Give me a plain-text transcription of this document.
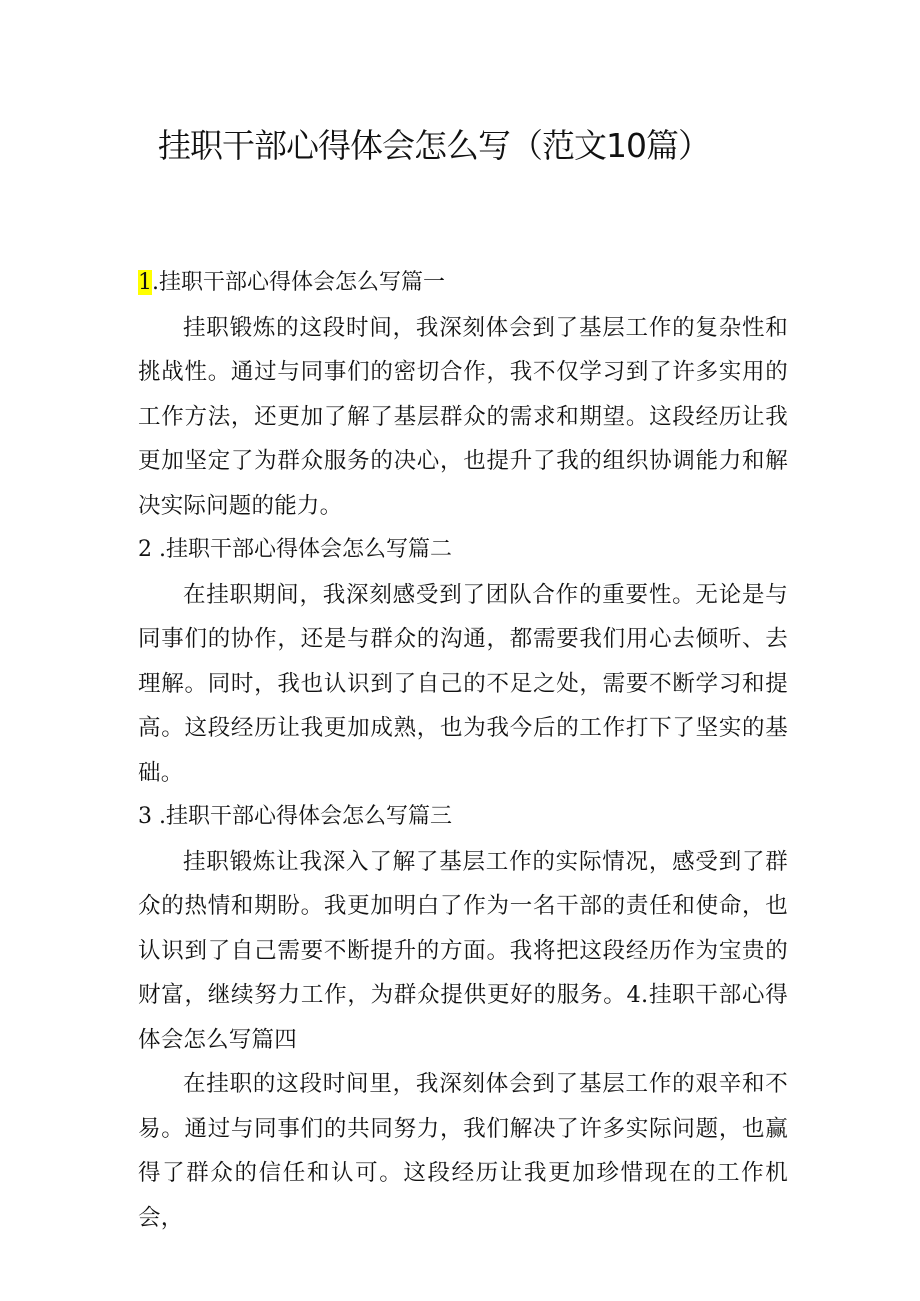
挂职干部心得体会怎么写（范文10篇）

1.挂职干部心得体会怎么写篇一

挂职锻炼的这段时间，我深刻体会到了基层工作的复杂性和挑战性。通过与同事们的密切合作，我不仅学习到了许多实用的工作方法，还更加了解了基层群众的需求和期望。这段经历让我更加坚定了为群众服务的决心，也提升了我的组织协调能力和解决实际问题的能力。

2 .挂职干部心得体会怎么写篇二

在挂职期间，我深刻感受到了团队合作的重要性。无论是与同事们的协作，还是与群众的沟通，都需要我们用心去倾听、去理解。同时，我也认识到了自己的不足之处，需要不断学习和提高。这段经历让我更加成熟，也为我今后的工作打下了坚实的基础。

3 .挂职干部心得体会怎么写篇三

挂职锻炼让我深入了解了基层工作的实际情况，感受到了群众的热情和期盼。我更加明白了作为一名干部的责任和使命，也认识到了自己需要不断提升的方面。我将把这段经历作为宝贵的财富，继续努力工作，为群众提供更好的服务。4.挂职干部心得体会怎么写篇四

在挂职的这段时间里，我深刻体会到了基层工作的艰辛和不易。通过与同事们的共同努力，我们解决了许多实际问题，也赢得了群众的信任和认可。这段经历让我更加珍惜现在的工作机会，
